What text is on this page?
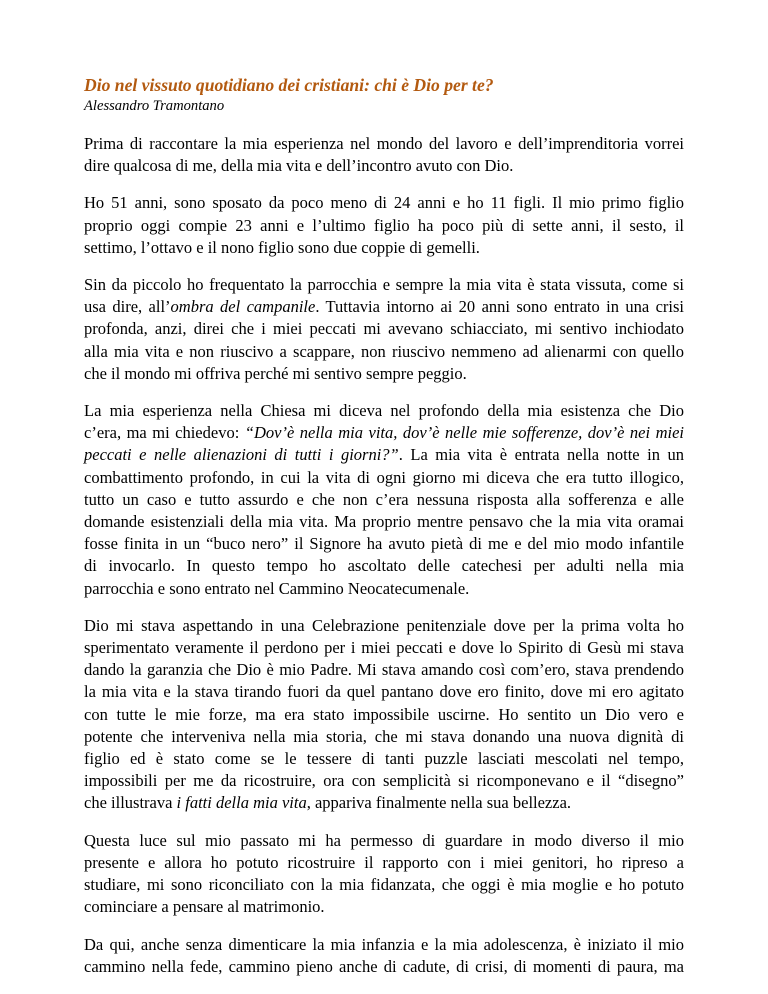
Dio nel vissuto quotidiano dei cristiani: chi è Dio per te?
Alessandro Tramontano

Prima di raccontare la mia esperienza nel mondo del lavoro e dell’imprenditoria vorrei
dire qualcosa di me, della mia vita e dell’incontro avuto con Dio.

Ho 51 anni, sono sposato da poco meno di 24 anni e ho 11 figli. Il mio primo figlio
proprio oggi compie 23 anni e l’ultimo figlio ha poco più di sette anni, il sesto, il
settimo, l’ottavo e il nono figlio sono due coppie di gemelli.

Sin da piccolo ho frequentato la parrocchia e sempre la mia vita è stata vissuta, come si
usa dire, all’ombra del campanile. Tuttavia intorno ai 20 anni sono entrato in una crisi
profonda, anzi, direi che i miei peccati mi avevano schiacciato, mi sentivo inchiodato
alla mia vita e non riuscivo a scappare, non riuscivo nemmeno ad alienarmi con quello
che il mondo mi offriva perché mi sentivo sempre peggio.

La mia esperienza nella Chiesa mi diceva nel profondo della mia esistenza che Dio
c’era, ma mi chiedevo: “Dov’è nella mia vita, dov’è nelle mie sofferenze, dov’è nei miei
peccati e nelle alienazioni di tutti i giorni?”. La mia vita è entrata nella notte in un
combattimento profondo, in cui la vita di ogni giorno mi diceva che era tutto illogico,
tutto un caso e tutto assurdo e che non c’era nessuna risposta alla sofferenza e alle
domande esistenziali della mia vita. Ma proprio mentre pensavo che la mia vita oramai
fosse finita in un “buco nero” il Signore ha avuto pietà di me e del mio modo infantile
di invocarlo. In questo tempo ho ascoltato delle catechesi per adulti nella mia
parrocchia e sono entrato nel Cammino Neocatecumenale.

Dio mi stava aspettando in una Celebrazione penitenziale dove per la prima volta ho
sperimentato veramente il perdono per i miei peccati e dove lo Spirito di Gesù mi stava
dando la garanzia che Dio è mio Padre. Mi stava amando così com’ero, stava prendendo
la mia vita e la stava tirando fuori da quel pantano dove ero finito, dove mi ero agitato
con tutte le mie forze, ma era stato impossibile uscirne. Ho sentito un Dio vero e
potente che interveniva nella mia storia, che mi stava donando una nuova dignità di
figlio ed è stato come se le tessere di tanti puzzle lasciati mescolati nel tempo,
impossibili per me da ricostruire, ora con semplicità si ricomponevano e il “disegno”
che illustrava i fatti della mia vita, appariva finalmente nella sua bellezza.

Questa luce sul mio passato mi ha permesso di guardare in modo diverso il mio
presente e allora ho potuto ricostruire il rapporto con i miei genitori, ho ripreso a
studiare, mi sono riconciliato con la mia fidanzata, che oggi è mia moglie e ho potuto
cominciare a pensare al matrimonio.

Da qui, anche senza dimenticare la mia infanzia e la mia adolescenza, è iniziato il mio
cammino nella fede, cammino pieno anche di cadute, di crisi, di momenti di paura, ma
